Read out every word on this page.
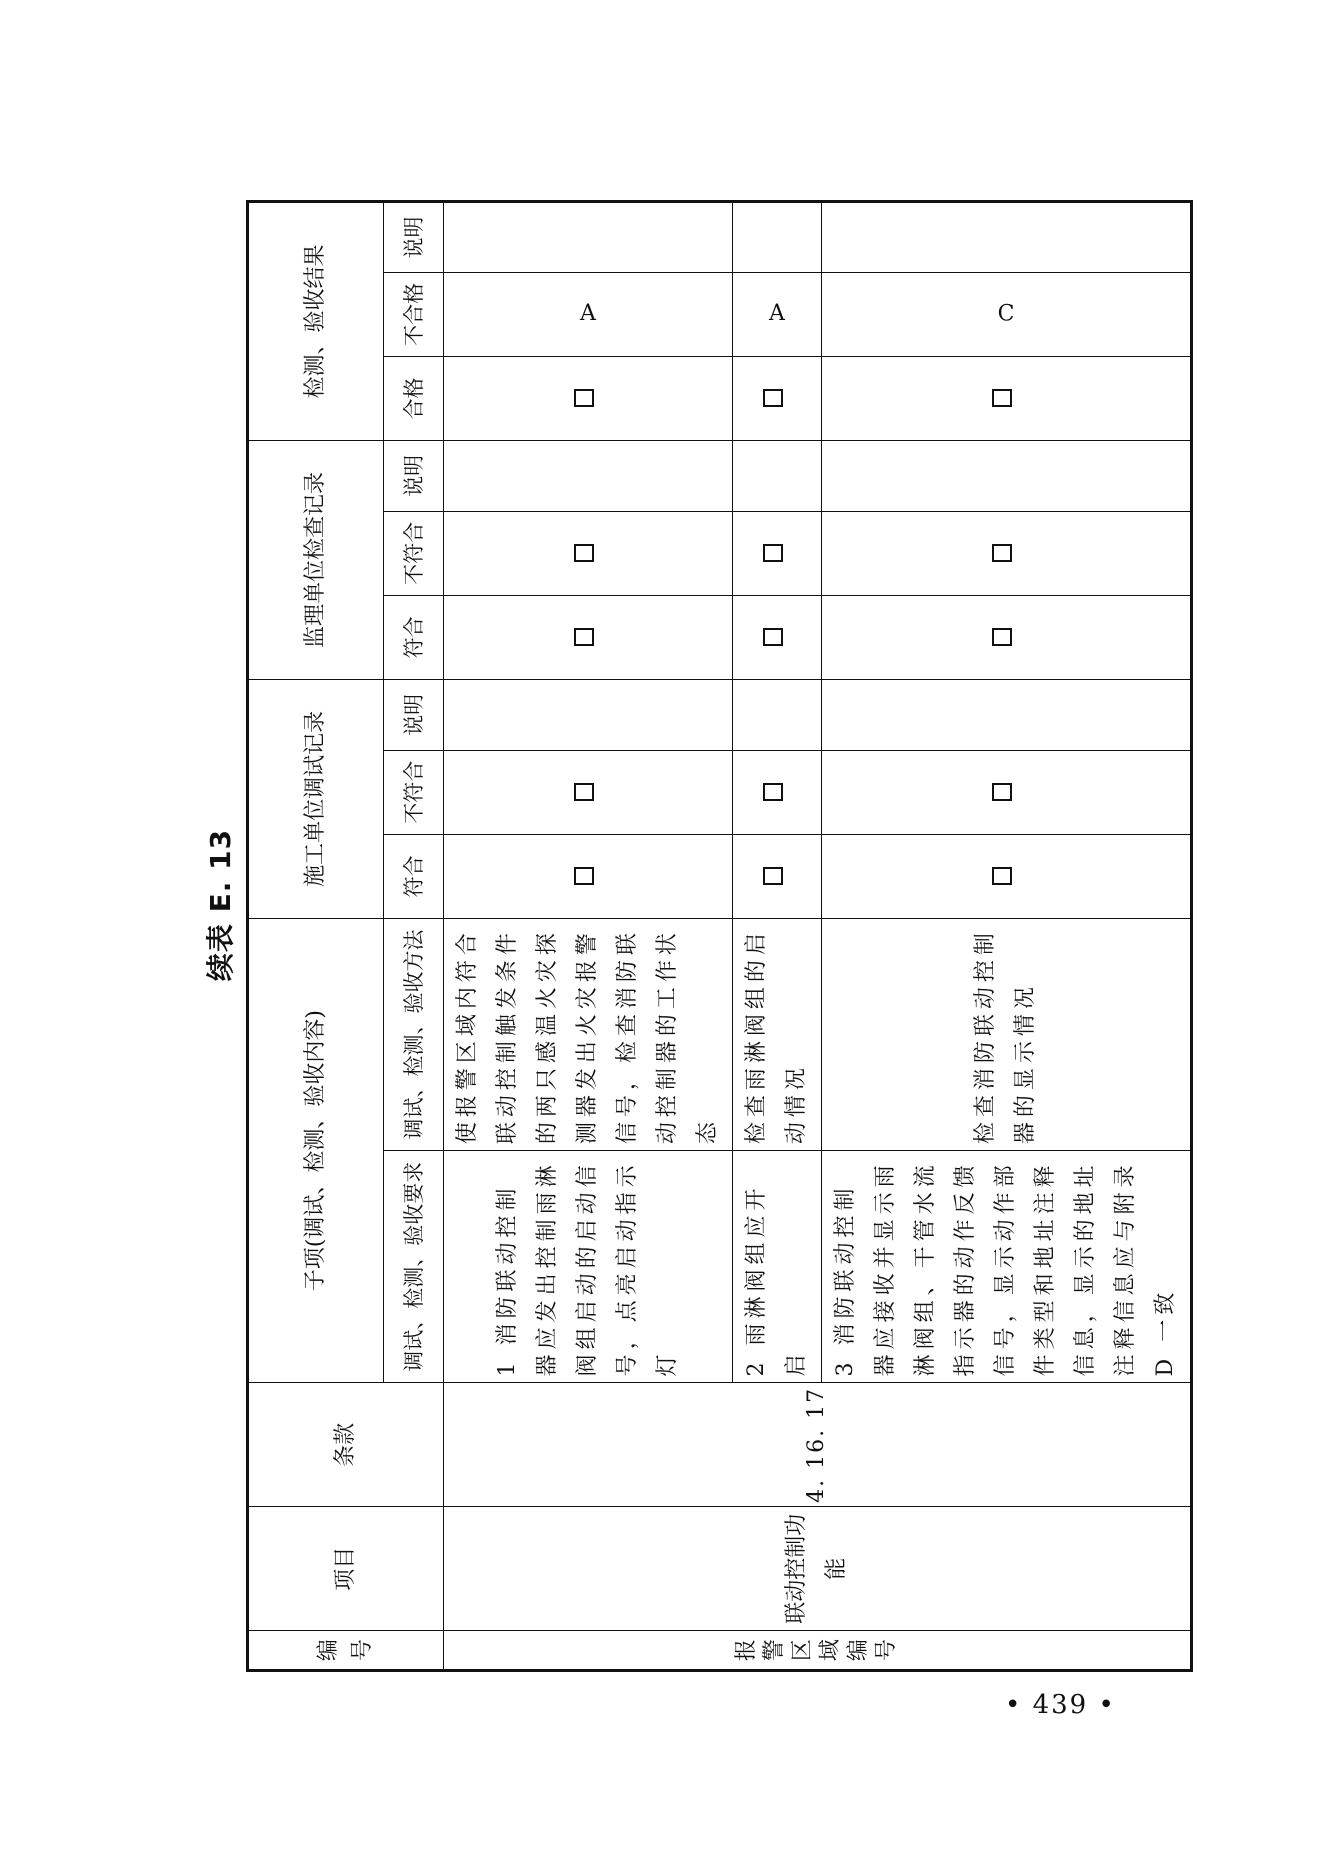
续表 E. 13
编号	项目	条款	子项(调试、检测、验收内容)		施工单位调试记录			监理单位检查记录			检测、验收结果		
			调试、检测、验收要求	调试、检测、验收方法	符合	不符合	说明	符合	不符合	说明	合格	不合格	说明

报警区域编号	联动控制功能	4. 16. 17	1 消防联动控制器应发出控制雨淋阀组启动的启动信号，点亮启动指示灯	使报警区域内符合联动控制触发条件的两只感温火灾探测器发出火灾报警信号，检查消防联动控制器的工作状态								A	
			2 雨淋阀组应开启	检查雨淋阀组的启动情况								A	
			3 消防联动控制器应接收并显示雨淋阀组、干管水流指示器的动作反馈信号，显示动作部件类型和地址注释信息，显示的地址注释信息应与附录 D 一致	检查消防联动控制器的显示情况								C	
• 439 •
